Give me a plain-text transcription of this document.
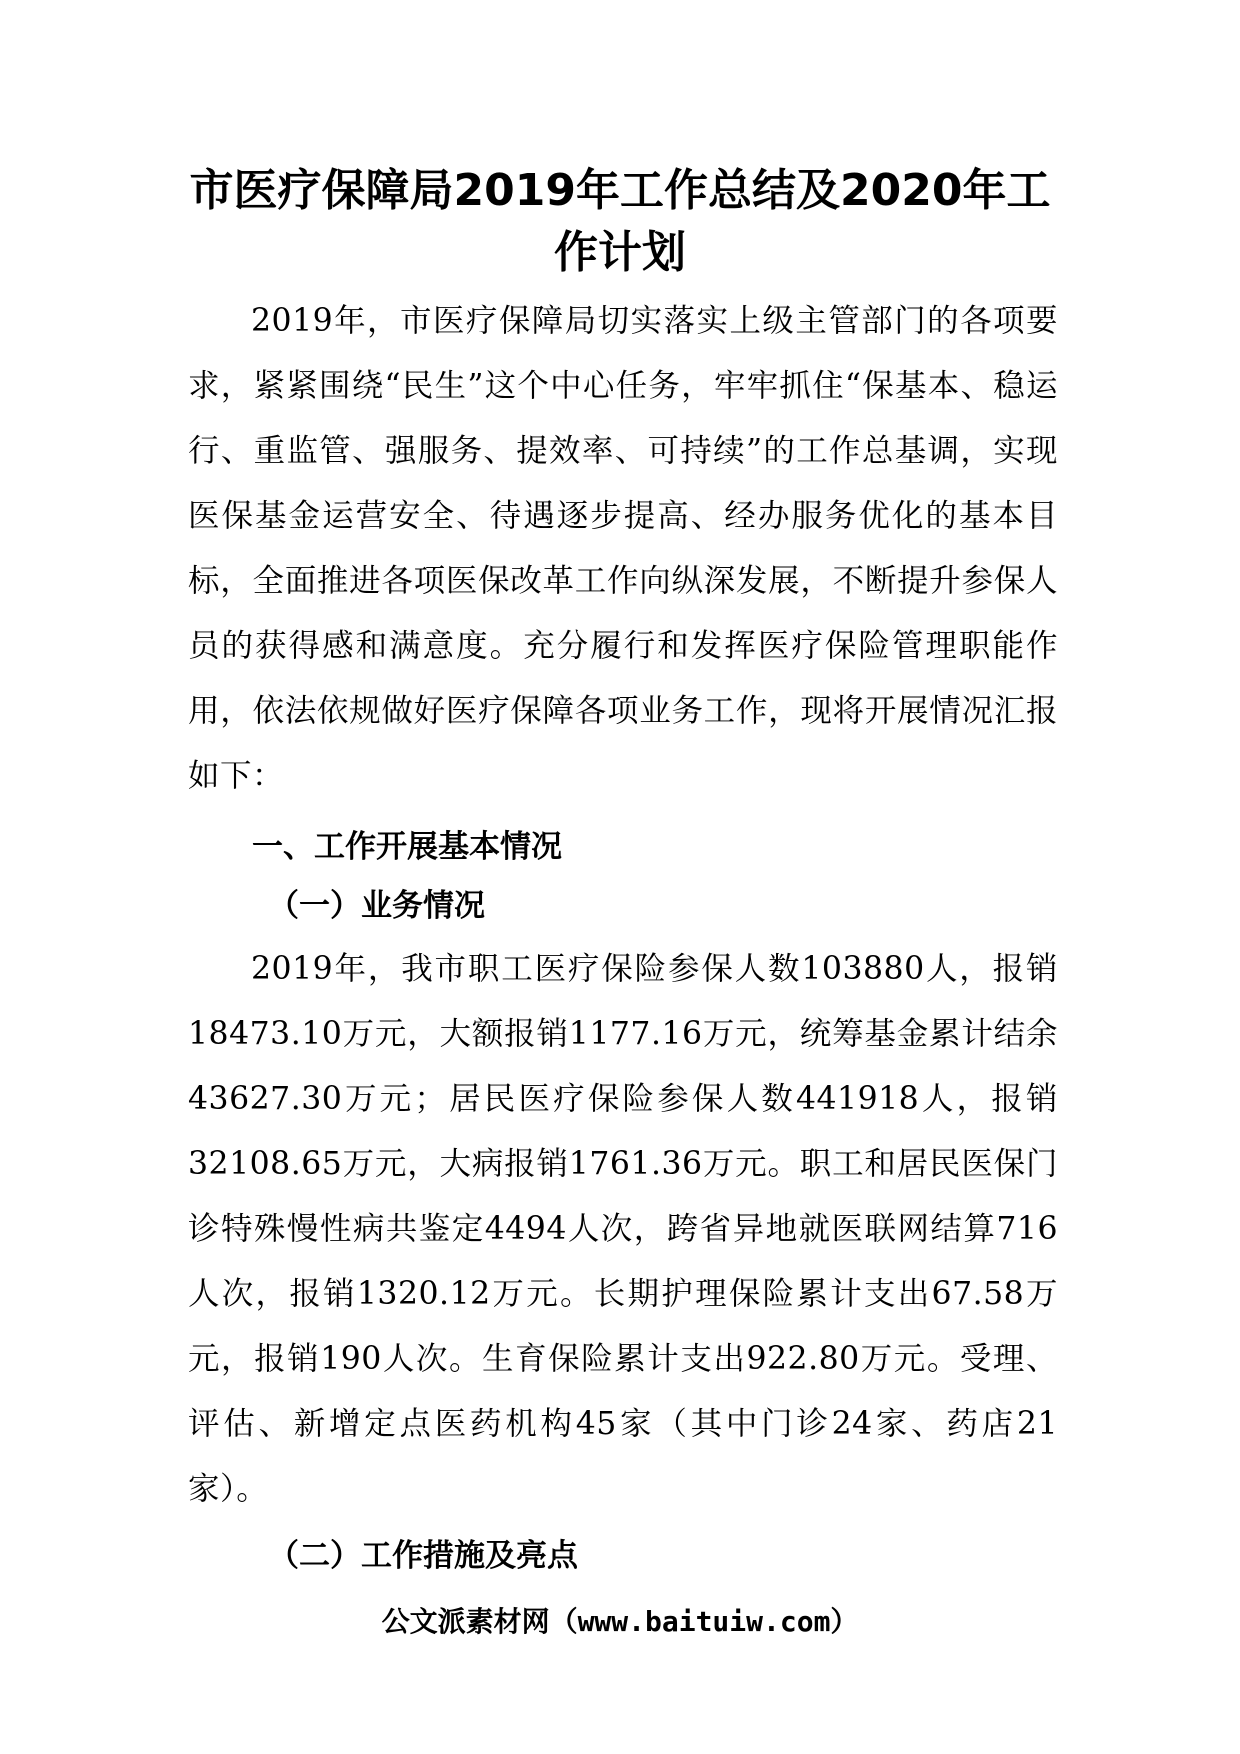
市医疗保障局2019年工作总结及2020年工
作计划

2019年，市医疗保障局切实落实上级主管部门的各项要求，紧紧围绕“民生”这个中心任务，牢牢抓住“保基本、稳运行、重监管、强服务、提效率、可持续”的工作总基调，实现医保基金运营安全、待遇逐步提高、经办服务优化的基本目标，全面推进各项医保改革工作向纵深发展，不断提升参保人员的获得感和满意度。充分履行和发挥医疗保险管理职能作用，依法依规做好医疗保障各项业务工作，现将开展情况汇报如下：

一、工作开展基本情况
（一）业务情况

2019年，我市职工医疗保险参保人数103880人，报销18473.10万元，大额报销1177.16万元，统筹基金累计结余43627.30万元；居民医疗保险参保人数441918人，报销32108.65万元，大病报销1761.36万元。职工和居民医保门诊特殊慢性病共鉴定4494人次，跨省异地就医联网结算716人次，报销1320.12万元。长期护理保险累计支出67.58万元，报销190人次。生育保险累计支出922.80万元。受理、评估、新增定点医药机构45家（其中门诊24家、药店21家）。

（二）工作措施及亮点

公文派素材网（www.baituiw.com）
